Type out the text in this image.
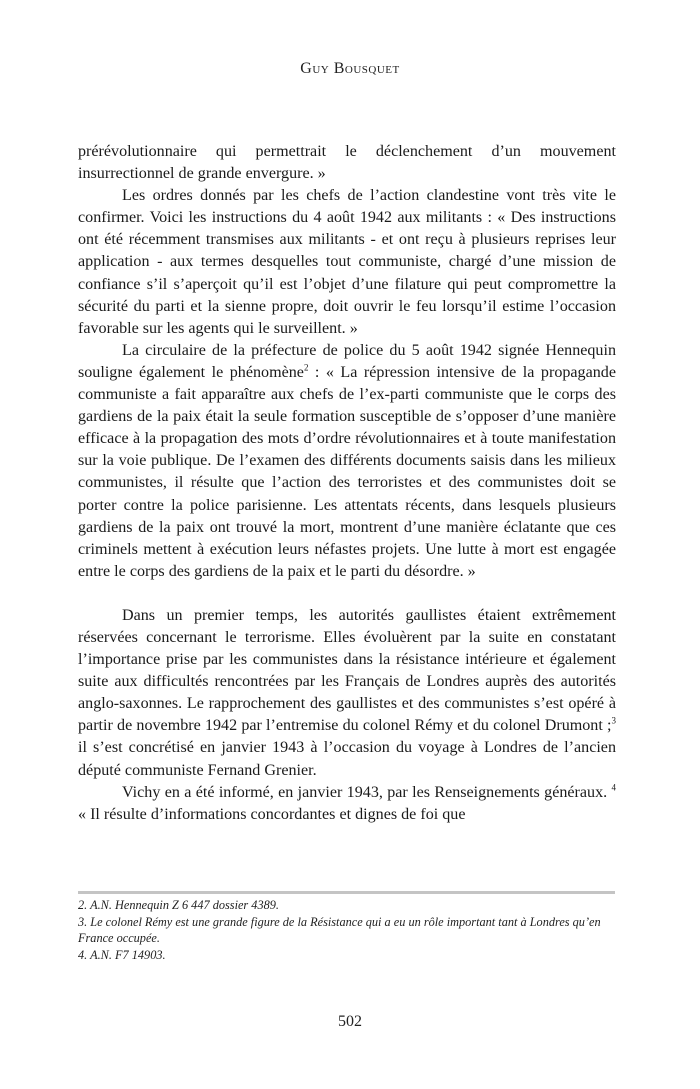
Guy Bousquet

prérévolutionnaire qui permettrait le déclenchement d’un mouvement insurrectionnel de grande envergure. »

Les ordres donnés par les chefs de l’action clandestine vont très vite le confirmer. Voici les instructions du 4 août 1942 aux militants : « Des instructions ont été récemment transmises aux militants - et ont reçu à plusieurs reprises leur application - aux termes desquelles tout communiste, chargé d’une mission de confiance s’il s’aperçoit qu’il est l’objet d’une filature qui peut compromettre la sécurité du parti et la sienne propre, doit ouvrir le feu lorsqu’il estime l’occasion favorable sur les agents qui le surveillent. »

La circulaire de la préfecture de police du 5 août 1942 signée Hennequin souligne également le phénomène$^2$ : « La répression intensive de la propagande communiste a fait apparaître aux chefs de l’ex-parti communiste que le corps des gardiens de la paix était la seule formation susceptible de s’opposer d’une manière efficace à la propagation des mots d’ordre révolutionnaires et à toute manifestation sur la voie publique. De l’examen des différents documents saisis dans les milieux communistes, il résulte que l’action des terroristes et des communistes doit se porter contre la police parisienne. Les attentats récents, dans lesquels plusieurs gardiens de la paix ont trouvé la mort, montrent d’une manière éclatante que ces criminels mettent à exécution leurs néfastes projets. Une lutte à mort est engagée entre le corps des gardiens de la paix et le parti du désordre. »

Dans un premier temps, les autorités gaullistes étaient extrêmement réservées concernant le terrorisme. Elles évoluèrent par la suite en constatant l’importance prise par les communistes dans la résistance intérieure et également suite aux difficultés rencontrées par les Français de Londres auprès des autorités anglo-saxonnes. Le rapprochement des gaullistes et des communistes s’est opéré à partir de novembre 1942 par l’entremise du colonel Rémy et du colonel Drumont ;$^3$ il s’est concrétisé en janvier 1943 à l’occasion du voyage à Londres de l’ancien député communiste Fernand Grenier.

Vichy en a été informé, en janvier 1943, par les Renseignements généraux. $^4$ « Il résulte d’informations concordantes et dignes de foi que

2. A.N. Hennequin Z 6 447 dossier 4389.

3. Le colonel Rémy est une grande figure de la Résistance qui a eu un rôle important tant à Londres qu’en France occupée.

4. A.N. F7 14903.

502
